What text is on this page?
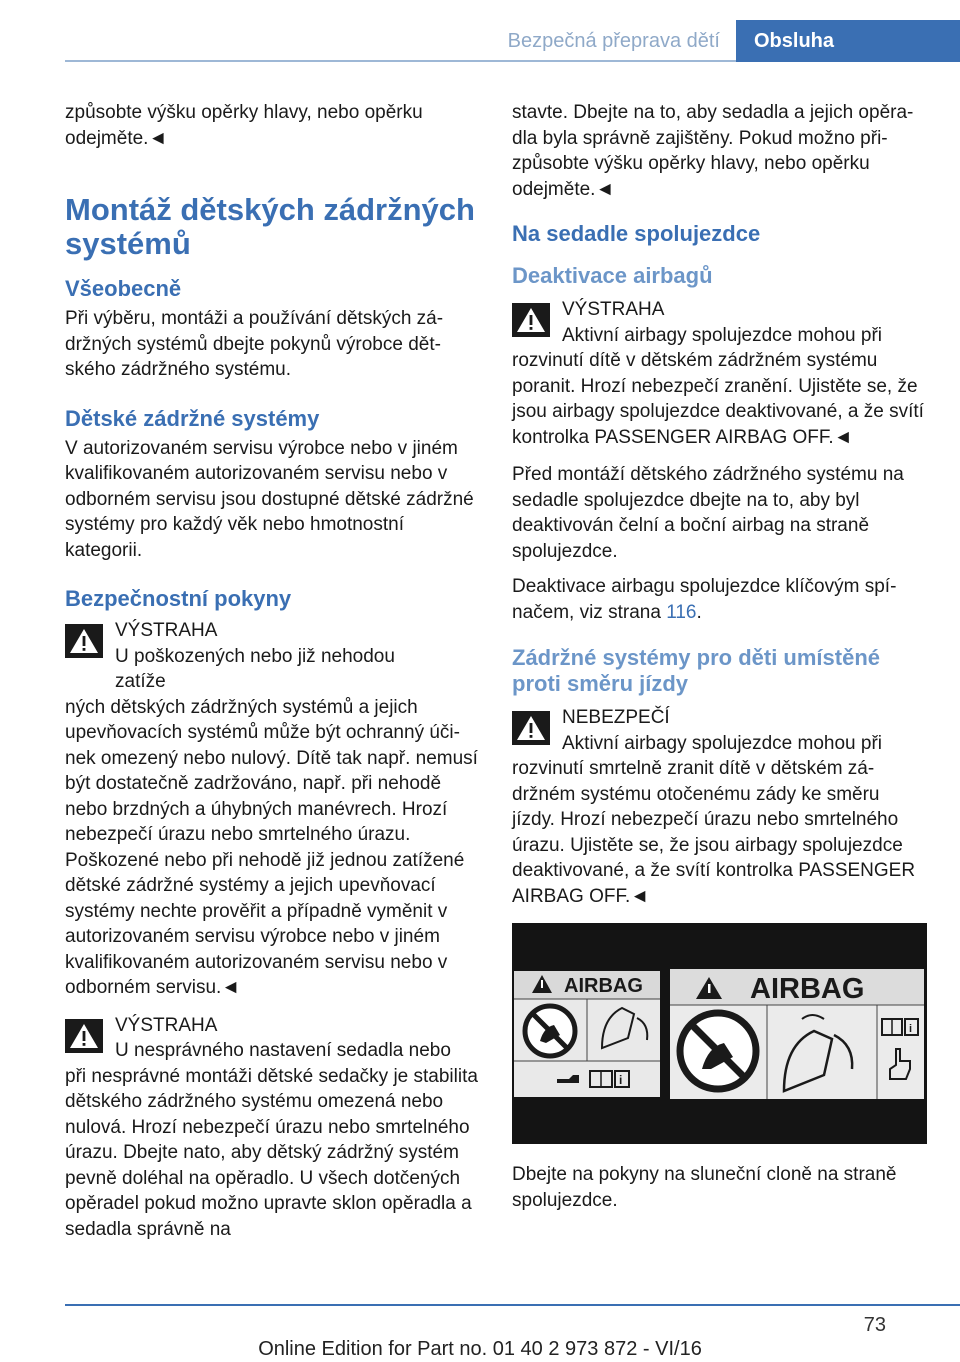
Bezpečná přeprava dětí	Obsluha

způsobte výšku opěrky hlavy, nebo opěrku odejměte.◄

Montáž dětských zádržných systémů
Všeobecně

Při výběru, montáži a používání dětských zádržných systémů dbejte pokynů výrobce dětského zádržného systému.

Dětské zádržné systémy

V autorizovaném servisu výrobce nebo v jiném kvalifikovaném autorizovaném servisu nebo v odborném servisu jsou dostupné dětské zádržné systémy pro každý věk nebo hmotnostní kategorii.

Bezpečnostní pokyny
VÝSTRAHA
U poškozených nebo již nehodou zatíže

ných dětských zádržných systémů a jejich upevňovacích systémů může být ochranný účinek omezený nebo nulový. Dítě tak např. nemusí být dostatečně zadržováno, např. při nehodě nebo brzdných a úhybných manévrech. Hrozí nebezpečí úrazu nebo smrtelného úrazu. Poškozené nebo při nehodě již jednou zatížené dětské zádržné systémy a jejich upevňovací systémy nechte prověřit a případně vyměnit v autorizovaném servisu výrobce nebo v jiném kvalifikovaném autorizovaném servisu nebo v odborném servisu.◄

VÝSTRAHA
U nesprávného nastavení sedadla nebo

při nesprávné montáži dětské sedačky je stabilita dětského zádržného systému omezená nebo nulová. Hrozí nebezpečí úrazu nebo smrtelného úrazu. Dbejte nato, aby dětský zádržný systém pevně doléhal na opěradlo. U všech dotčených opěradel pokud možno upravte sklon opěradla a sedadla správně na

stavte. Dbejte na to, aby sedadla a jejich opěradla byla správně zajištěny. Pokud možno přizpůsobte výšku opěrky hlavy, nebo opěrku odejměte.◄

Na sedadle spolujezdce
Deaktivace airbagů
VÝSTRAHA
Aktivní airbagy spolujezdce mohou při

rozvinutí dítě v dětském zádržném systému poranit. Hrozí nebezpečí zranění. Ujistěte se, že jsou airbagy spolujezdce deaktivované, a že svítí kontrolka PASSENGER AIRBAG OFF.◄

Před montáží dětského zádržného systému na sedadle spolujezdce dbejte na to, aby byl deaktivován čelní a boční airbag na straně spolujezdce.

Deaktivace airbagu spolujezdce klíčovým spínačem, viz strana 116.

Zádržné systémy pro děti umístěné proti směru jízdy
NEBEZPEČÍ
Aktivní airbagy spolujezdce mohou při

rozvinutí smrtelně zranit dítě v dětském zádržném systému otočenému zády ke směru jízdy. Hrozí nebezpečí úrazu nebo smrtelného úrazu. Ujistěte se, že jsou airbagy spolujezdce deaktivované, a že svítí kontrolka PASSENGER AIRBAG OFF.◄

AIRBAG
i
AIRBAG
i

Dbejte na pokyny na sluneční cloně na straně spolujezdce.

73
Online Edition for Part no. 01 40 2 973 872 - VI/16
